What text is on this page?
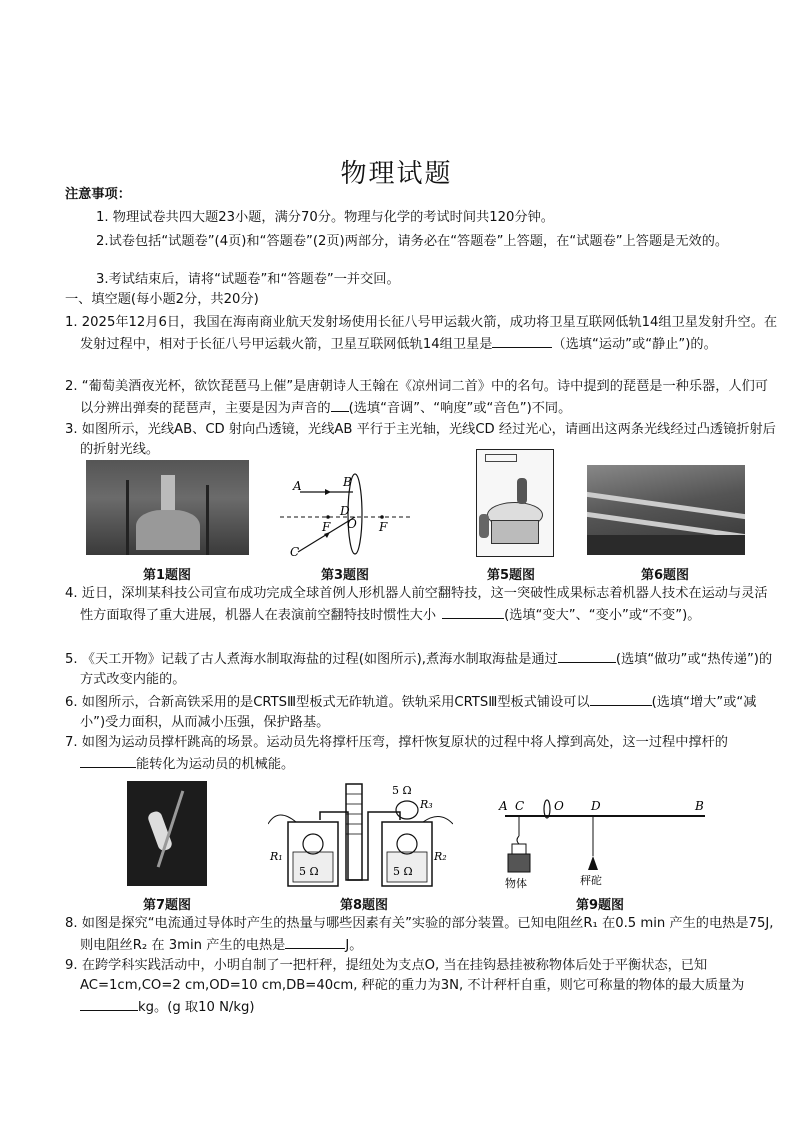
物理试题
注意事项：
1. 物理试卷共四大题23小题，满分70分。物理与化学的考试时间共120分钟。
2.试卷包括“试题卷”(4页)和“答题卷”(2页)两部分，请务必在“答题卷”上答题，在“试题卷”上答题是无效的。
3.考试结束后，请将“试题卷”和“答题卷”一并交回。
一、填空题(每小题2分，共20分)
1. 2025年12月6日，我国在海南商业航天发射场使用长征八号甲运载火箭，成功将卫星互联网低轨14组卫星发射升空。在发射过程中，相对于长征八号甲运载火箭，卫星互联网低轨14组卫星是	（选填“运动”或“静止”)的。
2. “葡萄美酒夜光杯，欲饮琵琶马上催”是唐朝诗人王翰在《凉州词二首》中的名句。诗中提到的琵琶是一种乐器，人们可以分辨出弹奏的琵琶声，主要是因为声音的 (选填“音调”、“响度”或“音色”)不同。
3. 如图所示，光线AB、CD 射向凸透镜，光线AB 平行于主光轴，光线CD 经过光心，请画出这两条光线经过凸透镜折射后的折射光线。
A	B
D
O
F	F
C
第1题图	第3题图	第5题图	第6题图
4. 近日，深圳某科技公司宣布成功完成全球首例人形机器人前空翻特技，这一突破性成果标志着机器人技术在运动与灵活性方面取得了重大进展，机器人在表演前空翻特技时惯性大小	(选填“变大”、“变小”或“不变”)。
5. 《天工开物》记载了古人煮海水制取海盐的过程(如图所示),煮海水制取海盐是通过	(选填“做功”或“热传递”)的方式改变内能的。
6. 如图所示，合新高铁采用的是CRTSⅢ型板式无砟轨道。铁轨采用CRTSⅢ型板式铺设可以	(选填“增大”或“减小”)受力面积，从而减小压强，保护路基。
7. 如图为运动员撑杆跳高的场景。运动员先将撑杆压弯，撑杆恢复原状的过程中将人撑到高处，这一过程中撑杆的能转化为运动员的机械能。
R₁	R₂
R₃
5 Ω	5 Ω
5 Ω
A C O D	B
物体	秤砣
第7题图	第8题图	第9题图
8. 如图是探究“电流通过导体时产生的热量与哪些因素有关”实验的部分装置。已知电阻丝R₁ 在0.5 min 产生的电热是75J, 则电阻丝R₂ 在 3min 产生的电热是	J。
9. 在跨学科实践活动中，小明自制了一把杆秤，提纽处为支点O, 当在挂钩悬挂被称物体后处于平衡状态，已知AC=1cm,CO=2 cm,OD=10 cm,DB=40cm, 秤砣的重力为3N, 不计秤杆自重，则它可称量的物体的最大质量为kg。(g 取10 N/kg)
